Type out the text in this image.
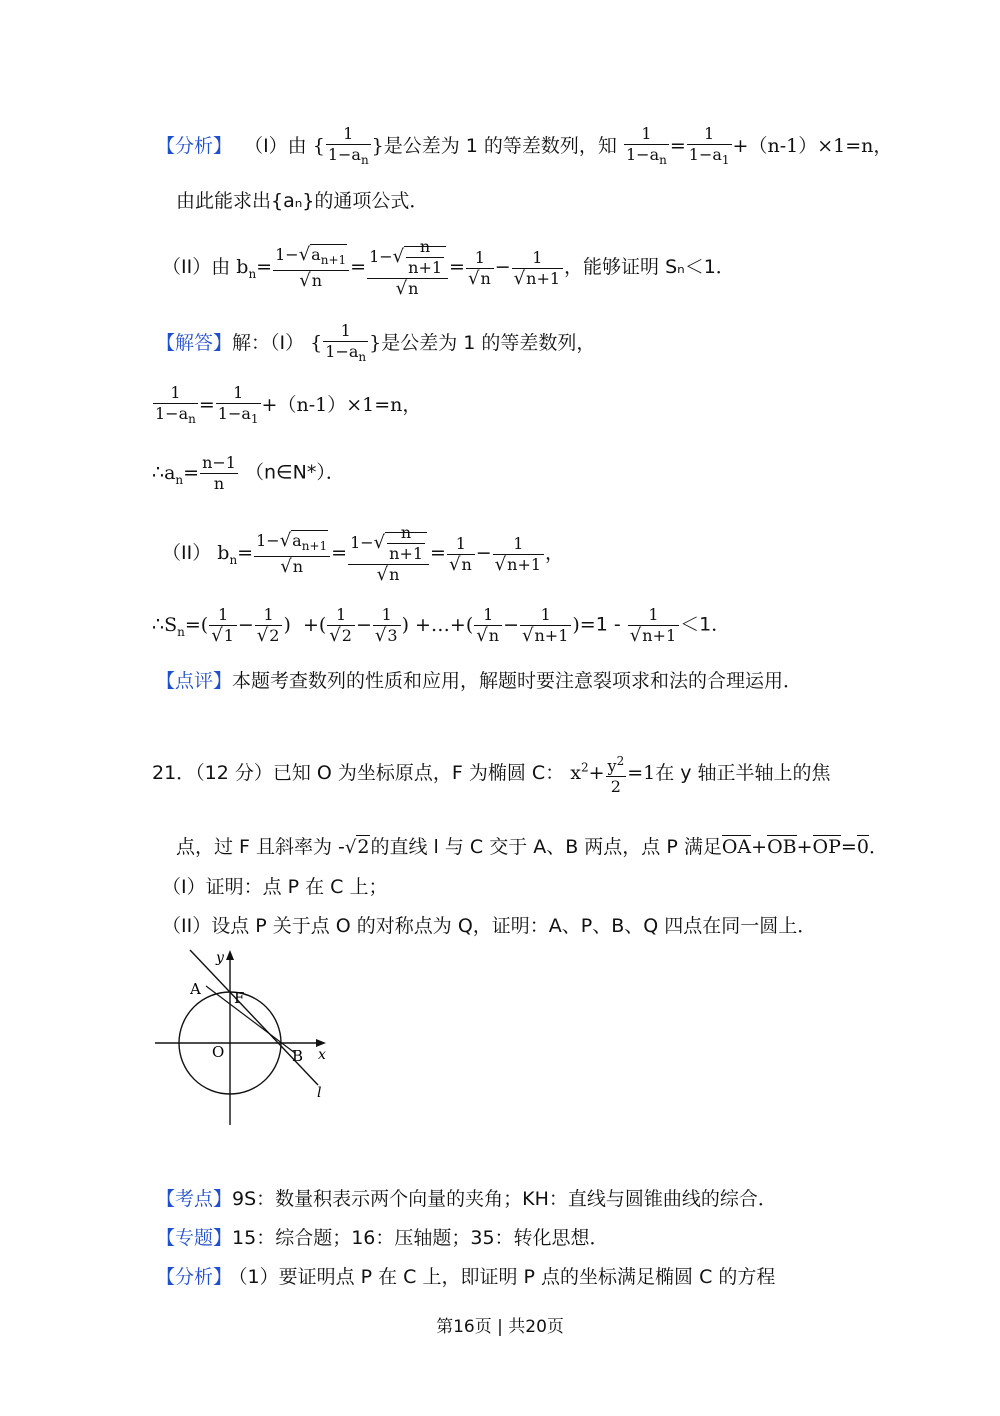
【分析】 （I）由 { $\frac{1}{1-a_n}$ }是公差为 1 的等差数列，知 $\frac{1}{1-a_n} = \frac{1}{1-a_1} +(n-1)\times 1=n$，
由此能求出{aₙ}的通项公式．
（II）由 $b_n= \frac{1-√a_{n+1}}{√n} = \frac{1-√ \frac{n}{n+1}}{√n} = \frac{1}{√n} - \frac{1}{√n+1}$ ，能够证明 Sₙ＜1．
【解答】解：（I） { $\frac{1}{1-a_n}$ }是公差为 1 的等差数列，
$\frac{1}{1-a_n} = \frac{1}{1-a_1} +(n-1)\times 1=n$，
$\therefore a_n= \frac{n-1}{n}$ （n∈N*）．
（II） $b_n= \frac{1-√a_{n+1}}{√n} = \frac{1-√ \frac{n}{n+1}}{√n} = \frac{1}{√n} - \frac{1}{√n+1}$ ，
$\therefore S_n=( \frac{1}{√1} - \frac{1}{√2}$ )  +( $\frac{1}{√2} - \frac{1}{√3}$ ) +…+( $\frac{1}{√n} - \frac{1}{√n+1} )=1 - \frac{1}{√n+1} <1$．
【点评】本题考查数列的性质和应用，解题时要注意裂项求和法的合理运用．
21．（12 分）已知 O 为坐标原点，F 为椭圆 C： $x^2+ \frac{y^2}{2} =1$在 y 轴正半轴上的焦
点，过 F 且斜率为 -√2的直线 l 与 C 交于 A、B 两点，点 P 满足OA+OB+OP=0．
（I）证明：点 P 在 C 上；
（II）设点 P 关于点 O 的对称点为 Q，证明：A、P、B、Q 四点在同一圆上．
y
x
A F
O	B
l
【考点】9S：数量积表示两个向量的夹角；KH：直线与圆锥曲线的综合．
【专题】15：综合题；16：压轴题；35：转化思想．
【分析】 （1）要证明点 P 在 C 上，即证明 P 点的坐标满足椭圆 C 的方程
第16页 | 共20页
